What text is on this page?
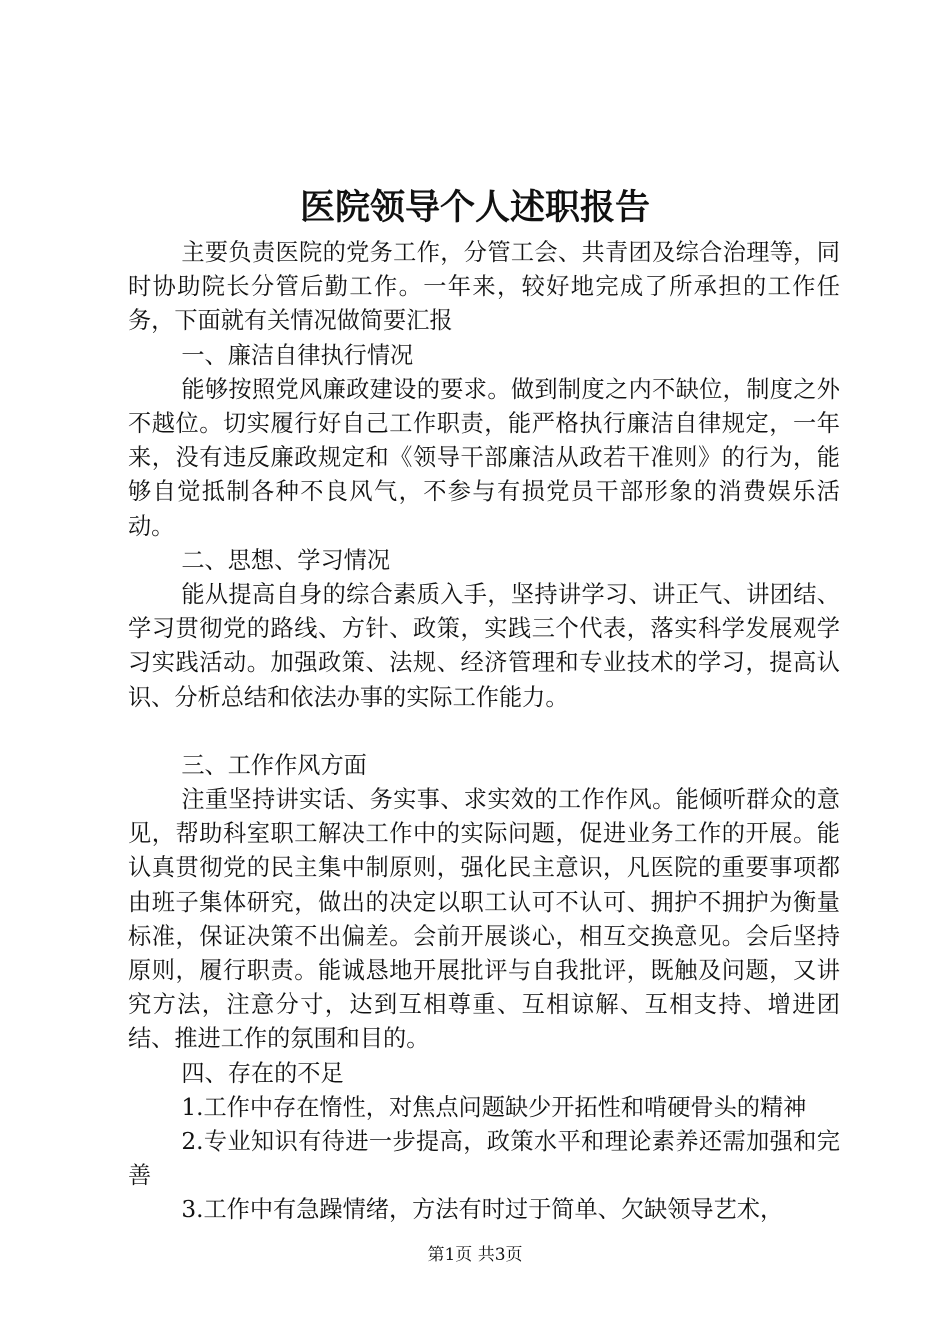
医院领导个人述职报告

主要负责医院的党务工作，分管工会、共青团及综合治理等，同时协助院长分管后勤工作。一年来，较好地完成了所承担的工作任务，下面就有关情况做简要汇报

一、廉洁自律执行情况

能够按照党风廉政建设的要求。做到制度之内不缺位，制度之外不越位。切实履行好自己工作职责，能严格执行廉洁自律规定，一年来，没有违反廉政规定和《领导干部廉洁从政若干准则》的行为，能够自觉抵制各种不良风气，不参与有损党员干部形象的消费娱乐活动。

二、思想、学习情况

能从提高自身的综合素质入手，坚持讲学习、讲正气、讲团结、学习贯彻党的路线、方针、政策，实践三个代表，落实科学发展观学习实践活动。加强政策、法规、经济管理和专业技术的学习，提高认识、分析总结和依法办事的实际工作能力。

三、工作作风方面

注重坚持讲实话、务实事、求实效的工作作风。能倾听群众的意见，帮助科室职工解决工作中的实际问题，促进业务工作的开展。能认真贯彻党的民主集中制原则，强化民主意识，凡医院的重要事项都由班子集体研究，做出的决定以职工认可不认可、拥护不拥护为衡量标准，保证决策不出偏差。会前开展谈心，相互交换意见。会后坚持原则，履行职责。能诚恳地开展批评与自我批评，既触及问题，又讲究方法，注意分寸，达到互相尊重、互相谅解、互相支持、增进团结、推进工作的氛围和目的。

四、存在的不足

1.工作中存在惰性，对焦点问题缺少开拓性和啃硬骨头的精神

2.专业知识有待进一步提高，政策水平和理论素养还需加强和完善

3.工作中有急躁情绪，方法有时过于简单、欠缺领导艺术，

第1页 共3页
